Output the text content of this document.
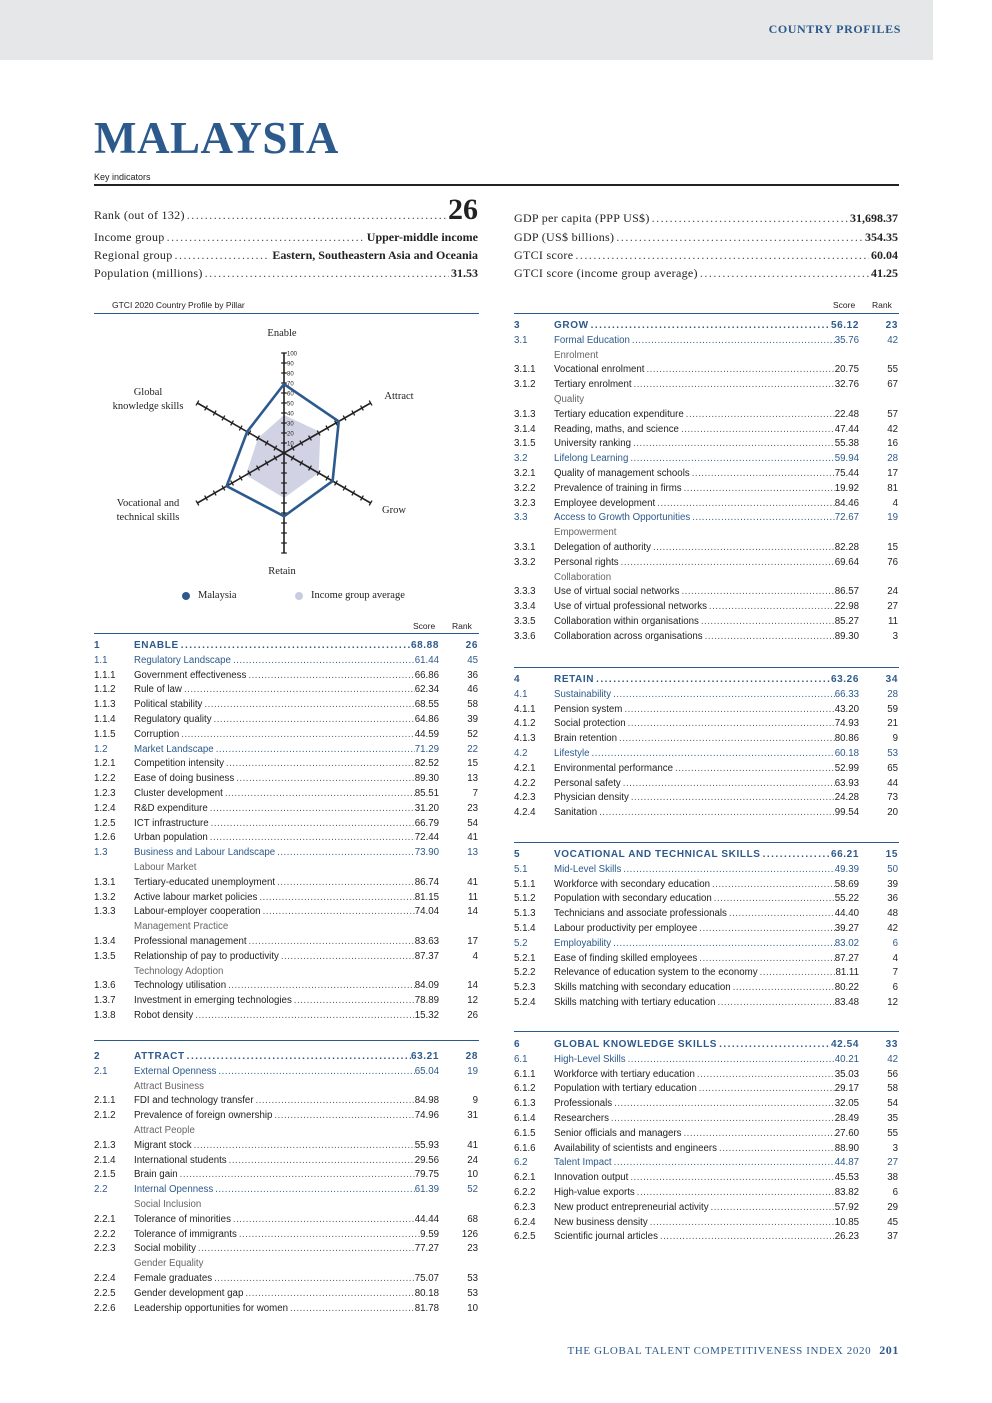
COUNTRY PROFILES
MALAYSIA
Key indicators
Rank (out of 132) .....	26
Income group .....	Upper-middle income
Regional group .....	Eastern, Southeastern Asia and Oceania
Population (millions) .....	31.53
GDP per capita (PPP US$) .....	31,698.37
GDP (US$ billions) .....	354.35
GTCI score .....	60.04
GTCI score (income group average) .....	41.25
GTCI 2020 Country Profile by Pillar
100
90
80
70
60
50
40
30
20
10
Enable
Attract
Grow
Retain
Vocational and
technical skills
Global
knowledge skills
Malaysia	Income group average
Score Rank
Score Rank
1	ENABLE ..... 68.88	26
1.1	Regulatory Landscape ..... 61.44	45
1.1.1	Government effectiveness ..... 66.86	36
1.1.2	Rule of law ..... 62.34	46
1.1.3	Political stability ..... 68.55	58
1.1.4	Regulatory quality ..... 64.86	39
1.1.5	Corruption ..... 44.59	52
1.2	Market Landscape ..... 71.29	22
1.2.1	Competition intensity ..... 82.52	15
1.2.2	Ease of doing business ..... 89.30	13
1.2.3	Cluster development ..... 85.51	7
1.2.4	R&D expenditure ..... 31.20	23
1.2.5	ICT infrastructure ..... 66.79	54
1.2.6	Urban population ..... 72.44	41
1.3	Business and Labour Landscape ..... 73.90	13
	Labour Market	
1.3.1	Tertiary-educated unemployment ..... 86.74	41
1.3.2	Active labour market policies ..... 81.15	11
1.3.3	Labour-employer cooperation ..... 74.04	14
	Management Practice	
1.3.4	Professional management ..... 83.63	17
1.3.5	Relationship of pay to productivity ..... 87.37	4
	Technology Adoption	
1.3.6	Technology utilisation ..... 84.09	14
1.3.7	Investment in emerging technologies ..... 78.89	12
1.3.8	Robot density ..... 15.32	26
2	ATTRACT ..... 63.21	28
2.1	External Openness ..... 65.04	19
	Attract Business	
2.1.1	FDI and technology transfer ..... 84.98	9
2.1.2	Prevalence of foreign ownership ..... 74.96	31
	Attract People	
2.1.3	Migrant stock ..... 55.93	41
2.1.4	International students ..... 29.56	24
2.1.5	Brain gain ..... 79.75	10
2.2	Internal Openness ..... 61.39	52
	Social Inclusion	
2.2.1	Tolerance of minorities ..... 44.44	68
2.2.2	Tolerance of immigrants ..... 9.59	126
2.2.3	Social mobility ..... 77.27	23
	Gender Equality	
2.2.4	Female graduates ..... 75.07	53
2.2.5	Gender development gap ..... 80.18	53
2.2.6	Leadership opportunities for women ..... 81.78	10
3	GROW ..... 56.12	23
3.1	Formal Education ..... 35.76	42
	Enrolment	
3.1.1	Vocational enrolment ..... 20.75	55
3.1.2	Tertiary enrolment ..... 32.76	67
	Quality	
3.1.3	Tertiary education expenditure ..... 22.48	57
3.1.4	Reading, maths, and science ..... 47.44	42
3.1.5	University ranking ..... 55.38	16
3.2	Lifelong Learning ..... 59.94	28
3.2.1	Quality of management schools ..... 75.44	17
3.2.2	Prevalence of training in firms ..... 19.92	81
3.2.3	Employee development ..... 84.46	4
3.3	Access to Growth Opportunities ..... 72.67	19
	Empowerment	
3.3.1	Delegation of authority ..... 82.28	15
3.3.2	Personal rights ..... 69.64	76
	Collaboration	
3.3.3	Use of virtual social networks ..... 86.57	24
3.3.4	Use of virtual professional networks ..... 22.98	27
3.3.5	Collaboration within organisations ..... 85.27	11
3.3.6	Collaboration across organisations ..... 89.30	3
4	RETAIN ..... 63.26	34
4.1	Sustainability ..... 66.33	28
4.1.1	Pension system ..... 43.20	59
4.1.2	Social protection ..... 74.93	21
4.1.3	Brain retention ..... 80.86	9
4.2	Lifestyle ..... 60.18	53
4.2.1	Environmental performance ..... 52.99	65
4.2.2	Personal safety ..... 63.93	44
4.2.3	Physician density ..... 24.28	73
4.2.4	Sanitation ..... 99.54	20
5	VOCATIONAL AND TECHNICAL SKILLS ..... 66.21	15
5.1	Mid-Level Skills ..... 49.39	50
5.1.1	Workforce with secondary education ..... 58.69	39
5.1.2	Population with secondary education ..... 55.22	36
5.1.3	Technicians and associate professionals ..... 44.40	48
5.1.4	Labour productivity per employee ..... 39.27	42
5.2	Employability ..... 83.02	6
5.2.1	Ease of finding skilled employees ..... 87.27	4
5.2.2	Relevance of education system to the economy ..... 81.11	7
5.2.3	Skills matching with secondary education ..... 80.22	6
5.2.4	Skills matching with tertiary education ..... 83.48	12
6	GLOBAL KNOWLEDGE SKILLS ..... 42.54	33
6.1	High-Level Skills ..... 40.21	42
6.1.1	Workforce with tertiary education ..... 35.03	56
6.1.2	Population with tertiary education ..... 29.17	58
6.1.3	Professionals ..... 32.05	54
6.1.4	Researchers ..... 28.49	35
6.1.5	Senior officials and managers ..... 27.60	55
6.1.6	Availability of scientists and engineers ..... 88.90	3
6.2	Talent Impact ..... 44.87	27
6.2.1	Innovation output ..... 45.53	38
6.2.2	High-value exports ..... 83.82	6
6.2.3	New product entrepreneurial activity ..... 57.92	29
6.2.4	New business density ..... 10.85	45
6.2.5	Scientific journal articles ..... 26.23	37
THE GLOBAL TALENT COMPETITIVENESS INDEX 2020 201
